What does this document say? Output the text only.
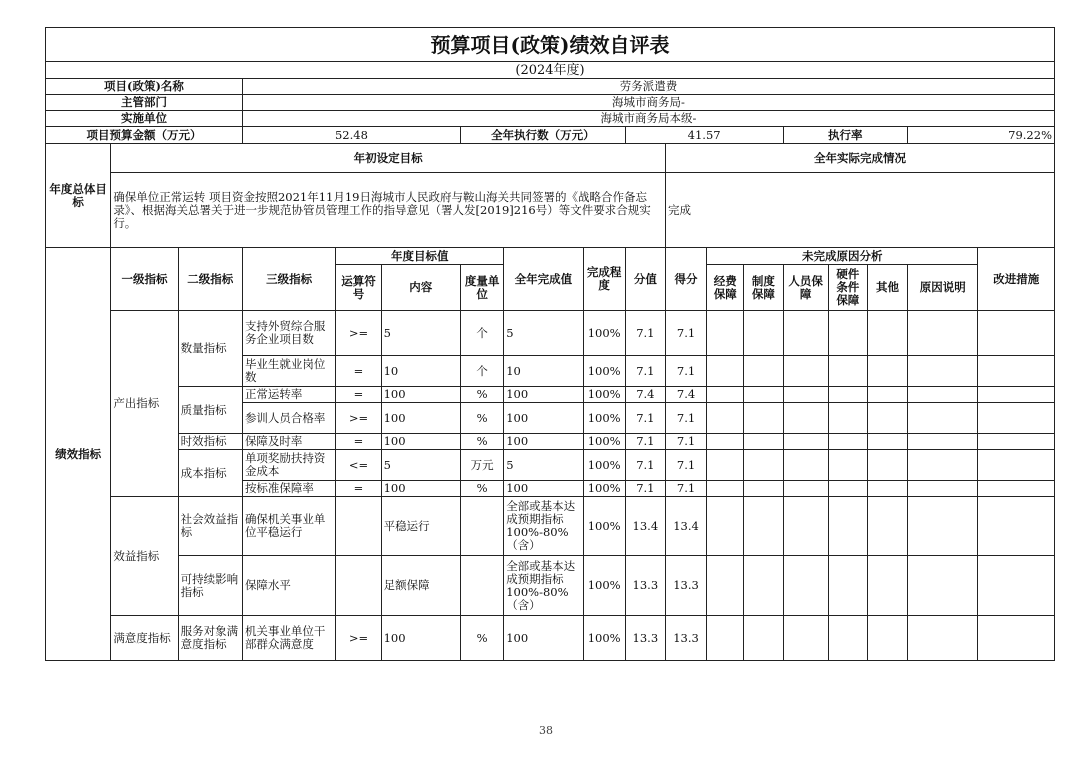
预算项目(政策)绩效自评表																	
(2024年度)																	
项目(政策)名称			劳务派遣费														
主管部门			海城市商务局-														
实施单位			海城市商务局本级-														
项目预算金额（万元）			52.48			全年执行数（万元）			41.57				执行率			79.22%	
年度总体目标	年初设定目标									全年实际完成情况							
	确保单位正常运转 项目资金按照2021年11月19日海城市人民政府与鞍山海关共同签署的《战略合作备忘录》、根据海关总署关于进一步规范协管员管理工作的指导意见（署人发[2019]216号）等文件要求合规实行。									完成							
绩效指标	一级指标	二级指标	三级指标	年度目标值			全年完成值	完成程度	分值	得分	未完成原因分析						改进措施
				运算符号	内容	度量单位					经费保障	制度保障	人员保障	硬件条件保障	其他	原因说明	
	产出指标	数量指标	支持外贸综合服务企业项目数	>=	5	个	5	100%	7.1	7.1							
			毕业生就业岗位数	=	10	个	10	100%	7.1	7.1							
		质量指标	正常运转率	=	100	%	100	100%	7.4	7.4							
			参训人员合格率	>=	100	%	100	100%	7.1	7.1							
		时效指标	保障及时率	=	100	%	100	100%	7.1	7.1							
		成本指标	单项奖励扶持资金成本	<=	5	万元	5	100%	7.1	7.1							
			按标准保障率	=	100	%	100	100%	7.1	7.1							
	效益指标	社会效益指标	确保机关事业单位平稳运行		平稳运行		全部或基本达成预期指标100%-80%（含）	100%	13.4	13.4							
		可持续影响指标	保障水平		足额保障		全部或基本达成预期指标100%-80%（含）	100%	13.3	13.3							
	满意度指标	服务对象满意度指标	机关事业单位干部群众满意度	>=	100	%	100	100%	13.3	13.3							
38
